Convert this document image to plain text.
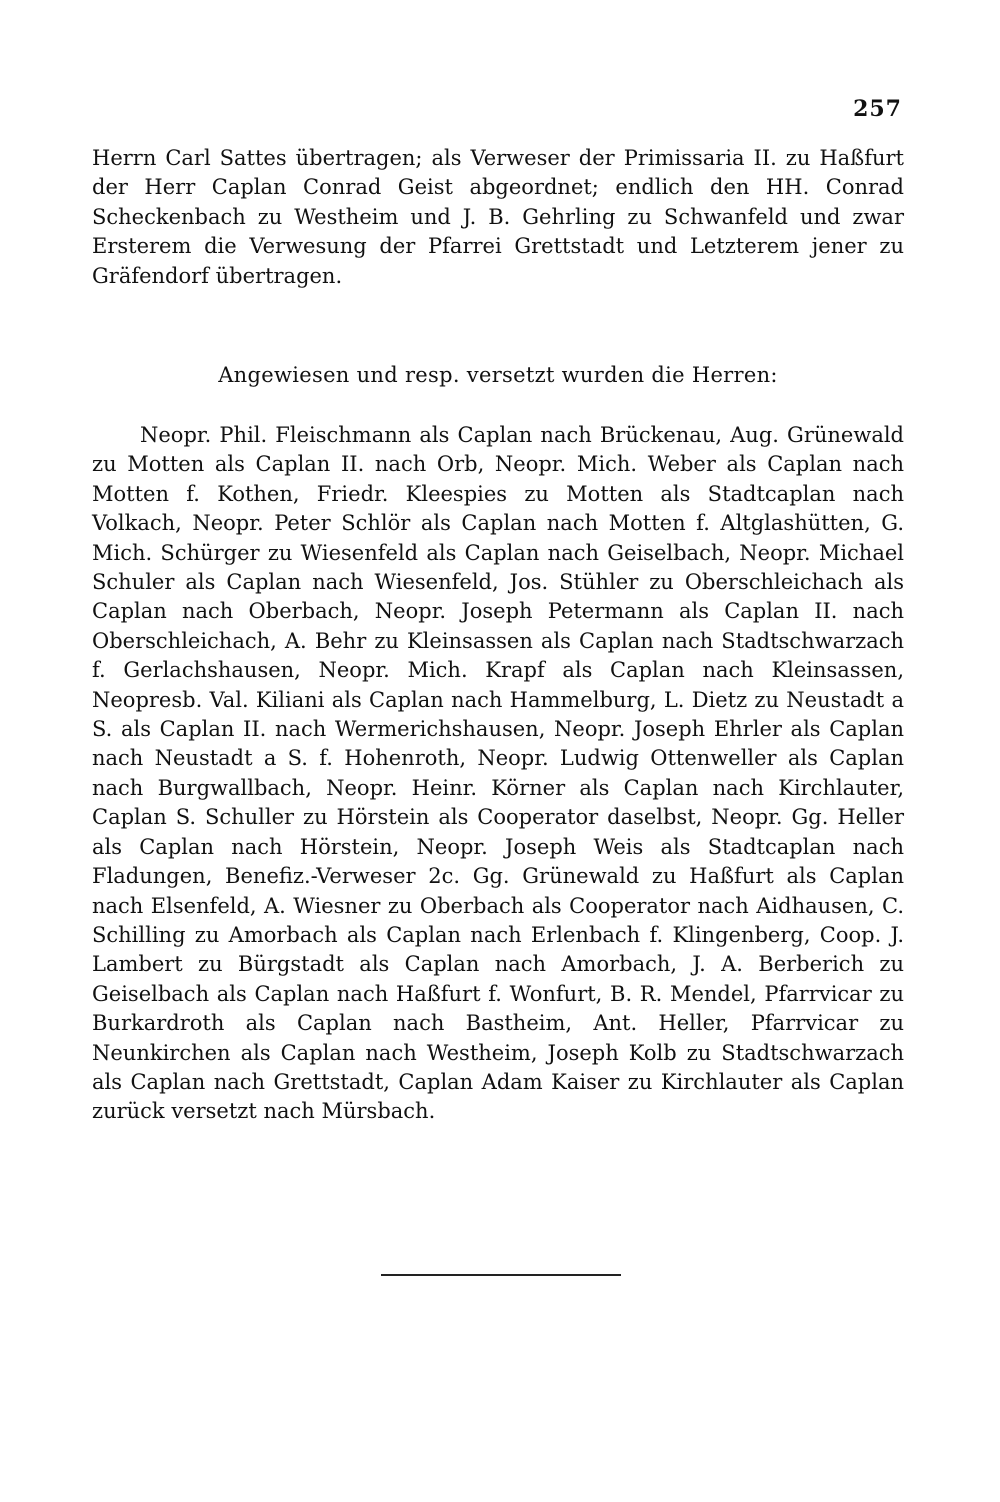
257

Herrn Carl Sattes übertragen; als Verweser der Primissaria II. zu Haßfurt der Herr Caplan Conrad Geist abgeordnet; endlich den HH. Conrad Scheckenbach zu Westheim und J. B. Gehrling zu Schwanfeld und zwar Ersterem die Verwesung der Pfarrei Grettstadt und Letzterem jener zu Gräfendorf übertragen.

Angewiesen und resp. versetzt wurden die Herren:

Neopr. Phil. Fleischmann als Caplan nach Brückenau, Aug. Grünewald zu Motten als Caplan II. nach Orb, Neopr. Mich. Weber als Caplan nach Motten f. Kothen, Friedr. Kleespies zu Motten als Stadtcaplan nach Volkach, Neopr. Peter Schlör als Caplan nach Motten f. Altglashütten, G. Mich. Schürger zu Wiesenfeld als Caplan nach Geiselbach, Neopr. Michael Schuler als Caplan nach Wiesenfeld, Jos. Stühler zu Oberschleichach als Caplan nach Oberbach, Neopr. Joseph Petermann als Caplan II. nach Oberschleichach, A. Behr zu Kleinsassen als Caplan nach Stadtschwarzach f. Gerlachshausen, Neopr. Mich. Krapf als Caplan nach Kleinsassen, Neopresb. Val. Kiliani als Caplan nach Hammelburg, L. Dietz zu Neustadt a S. als Caplan II. nach Wermerichshausen, Neopr. Joseph Ehrler als Caplan nach Neustadt a S. f. Hohenroth, Neopr. Ludwig Ottenweller als Caplan nach Burgwallbach, Neopr. Heinr. Körner als Caplan nach Kirchlauter, Caplan S. Schuller zu Hörstein als Cooperator daselbst, Neopr. Gg. Heller als Caplan nach Hörstein, Neopr. Joseph Weis als Stadtcaplan nach Fladungen, Benefiz.-Verweser 2c. Gg. Grünewald zu Haßfurt als Caplan nach Elsenfeld, A. Wiesner zu Oberbach als Cooperator nach Aidhausen, C. Schilling zu Amorbach als Caplan nach Erlenbach f. Klingenberg, Coop. J. Lambert zu Bürgstadt als Caplan nach Amorbach, J. A. Berberich zu Geiselbach als Caplan nach Haßfurt f. Wonfurt, B. R. Mendel, Pfarrvicar zu Burkardroth als Caplan nach Bastheim, Ant. Heller, Pfarrvicar zu Neunkirchen als Caplan nach Westheim, Joseph Kolb zu Stadtschwarzach als Caplan nach Grettstadt, Caplan Adam Kaiser zu Kirchlauter als Caplan zurück versetzt nach Mürsbach.
